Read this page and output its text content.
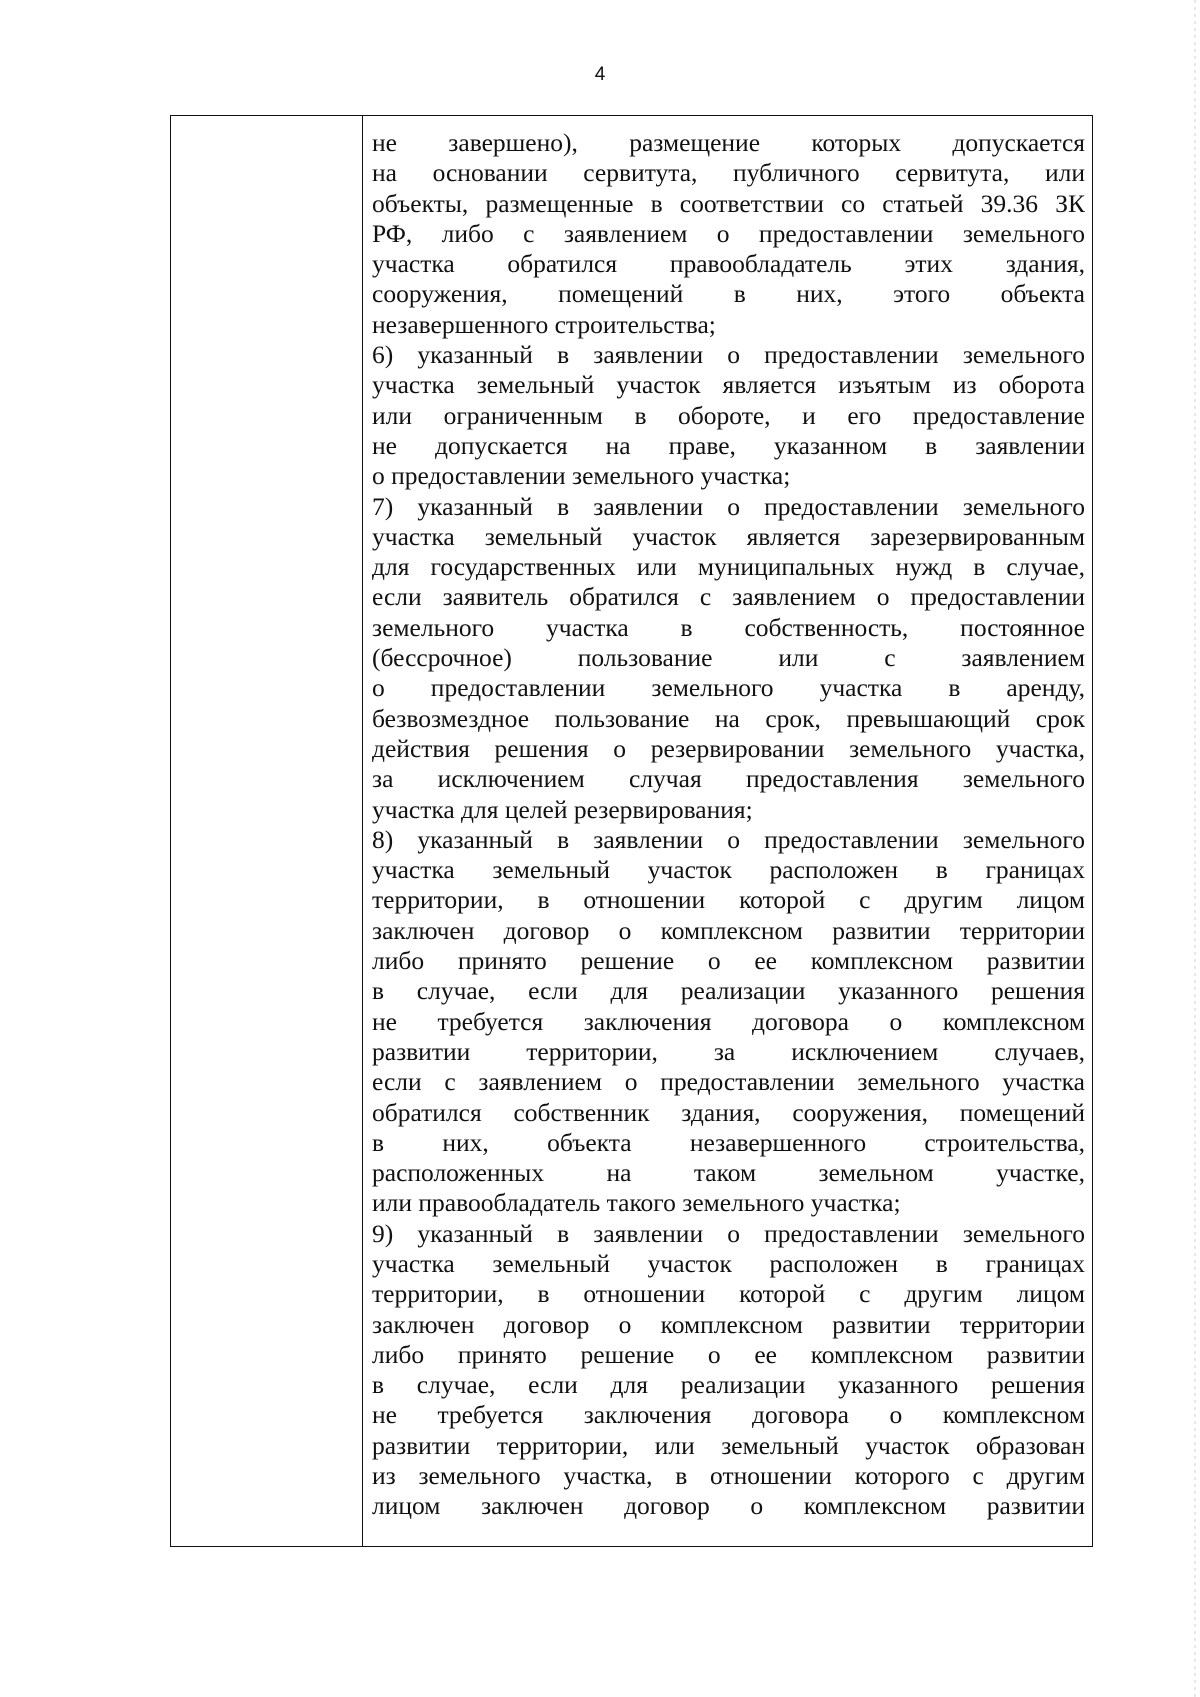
4
не завершено), размещение которых допускается
на основании сервитута, публичного сервитута, или
объекты, размещенные в соответствии со статьей 39.36 ЗК
РФ, либо с заявлением о предоставлении земельного
участка обратился правообладатель этих здания,
сооружения, помещений в них, этого объекта
незавершенного строительства;
6) указанный в заявлении о предоставлении земельного
участка земельный участок является изъятым из оборота
или ограниченным в обороте, и его предоставление
не допускается на праве, указанном в заявлении
о предоставлении земельного участка;
7) указанный в заявлении о предоставлении земельного
участка земельный участок является зарезервированным
для государственных или муниципальных нужд в случае,
если заявитель обратился с заявлением о предоставлении
земельного участка в собственность, постоянное
(бессрочное) пользование или с заявлением
о предоставлении земельного участка в аренду,
безвозмездное пользование на срок, превышающий срок
действия решения о резервировании земельного участка,
за исключением случая предоставления земельного
участка для целей резервирования;
8) указанный в заявлении о предоставлении земельного
участка земельный участок расположен в границах
территории, в отношении которой с другим лицом
заключен договор о комплексном развитии территории
либо принято решение о ее комплексном развитии
в случае, если для реализации указанного решения
не требуется заключения договора о комплексном
развитии территории, за исключением случаев,
если с заявлением о предоставлении земельного участка
обратился собственник здания, сооружения, помещений
в них, объекта незавершенного строительства,
расположенных на таком земельном участке,
или правообладатель такого земельного участка;
9) указанный в заявлении о предоставлении земельного
участка земельный участок расположен в границах
территории, в отношении которой с другим лицом
заключен договор о комплексном развитии территории
либо принято решение о ее комплексном развитии
в случае, если для реализации указанного решения
не требуется заключения договора о комплексном
развитии территории, или земельный участок образован
из земельного участка, в отношении которого с другим
лицом заключен договор о комплексном развитии
